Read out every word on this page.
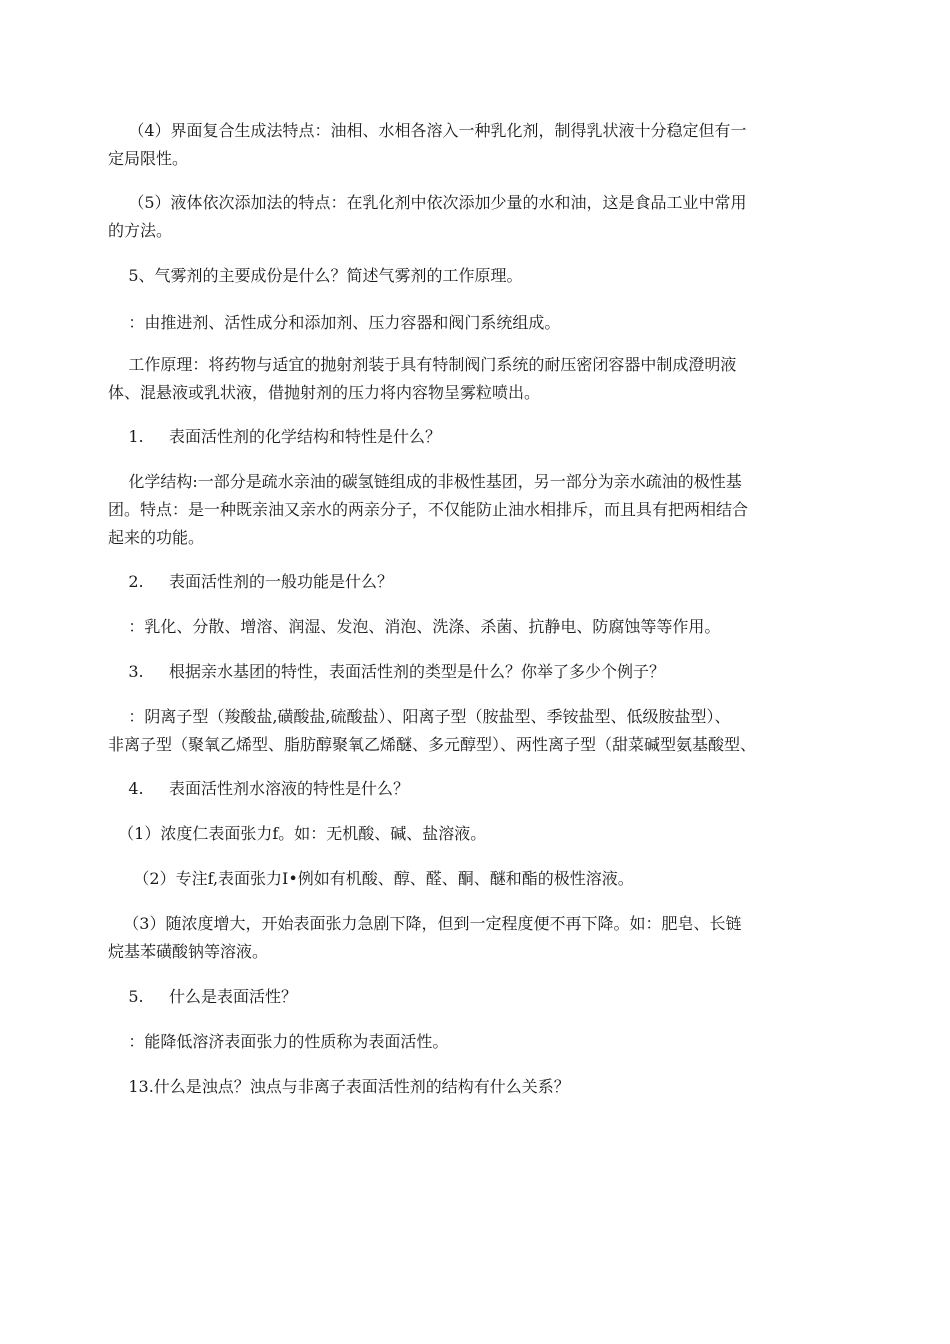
（4）界面复合生成法特点：油相、水相各溶入一种乳化剂，制得乳状液十分稳定但有一
定局限性。
（5）液体依次添加法的特点：在乳化剂中依次添加少量的水和油，这是食品工业中常用
的方法。
5、气雾剂的主要成份是什么？简述气雾剂的工作原理。
：由推进剂、活性成分和添加剂、压力容器和阀门系统组成。
工作原理：将药物与适宜的抛射剂装于具有特制阀门系统的耐压密闭容器中制成澄明液
体、混悬液或乳状液，借抛射剂的压力将内容物呈雾粒喷出。
1.     表面活性剂的化学结构和特性是什么？
化学结构:一部分是疏水亲油的碳氢链组成的非极性基团，另一部分为亲水疏油的极性基
团。特点：是一种既亲油又亲水的两亲分子，不仅能防止油水相排斥，而且具有把两相结合
起来的功能。
2.     表面活性剂的一般功能是什么？
：乳化、分散、增溶、润湿、发泡、消泡、洗涤、杀菌、抗静电、防腐蚀等等作用。
3.     根据亲水基团的特性，表面活性剂的类型是什么？你举了多少个例子？
：阴离子型（羧酸盐,磺酸盐,硫酸盐）、阳离子型（胺盐型、季铵盐型、低级胺盐型）、
非离子型（聚氧乙烯型、脂肪醇聚氧乙烯醚、多元醇型）、两性离子型（甜菜碱型氨基酸型、
4.     表面活性剂水溶液的特性是什么？
（1）浓度仁表面张力f。如：无机酸、碱、盐溶液。
（2）专注f,表面张力I•例如有机酸、醇、醛、酮、醚和酯的极性溶液。
（3）随浓度增大，开始表面张力急剧下降，但到一定程度便不再下降。如：肥皂、长链
烷基苯磺酸钠等溶液。
5.     什么是表面活性？
：能降低溶济表面张力的性质称为表面活性。
13.什么是浊点？浊点与非离子表面活性剂的结构有什么关系？
